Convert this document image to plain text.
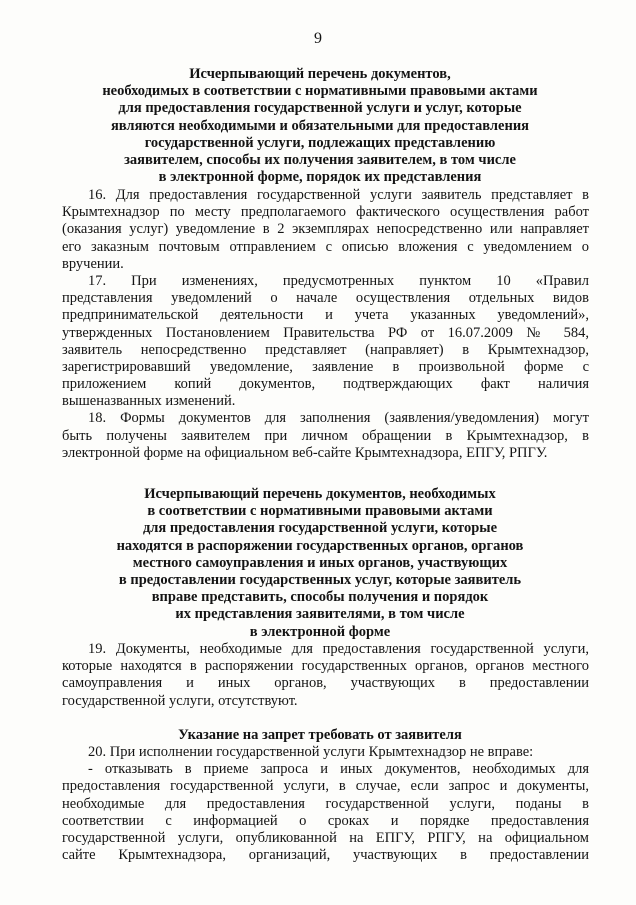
9
Исчерпывающий перечень документов,
необходимых в соответствии с нормативными правовыми актами
для предоставления государственной услуги и услуг, которые
являются необходимыми и обязательными для предоставления
государственной услуги, подлежащих представлению
заявителем, способы их получения заявителем, в том числе
в электронной форме, порядок их представления
16. Для предоставления государственной услуги заявитель представляет в
Крымтехнадзор по месту предполагаемого фактического осуществления работ
(оказания услуг) уведомление в 2 экземплярах непосредственно или направляет
его заказным почтовым отправлением с описью вложения с уведомлением о
вручении.
17. При изменениях, предусмотренных пунктом 10 «Правил
представления уведомлений о начале осуществления отдельных видов
предпринимательской деятельности и учета указанных уведомлений»,
утвержденных Постановлением Правительства РФ от 16.07.2009 № 584,
заявитель непосредственно представляет (направляет) в Крымтехнадзор,
зарегистрировавший уведомление, заявление в произвольной форме с
приложением копий документов, подтверждающих факт наличия
вышеназванных изменений.
18. Формы документов для заполнения (заявления/уведомления) могут
быть получены заявителем при личном обращении в Крымтехнадзор, в
электронной форме на официальном веб-сайте Крымтехнадзора, ЕПГУ, РПГУ.
Исчерпывающий перечень документов, необходимых
в соответствии с нормативными правовыми актами
для предоставления государственной услуги, которые
находятся в распоряжении государственных органов, органов
местного самоуправления и иных органов, участвующих
в предоставлении государственных услуг, которые заявитель
вправе представить, способы получения и порядок
их представления заявителями, в том числе
в электронной форме
19. Документы, необходимые для предоставления государственной услуги,
которые находятся в распоряжении государственных органов, органов местного
самоуправления и иных органов, участвующих в предоставлении
государственной услуги, отсутствуют.
Указание на запрет требовать от заявителя
20. При исполнении государственной услуги Крымтехнадзор не вправе:
- отказывать в приеме запроса и иных документов, необходимых для
предоставления государственной услуги, в случае, если запрос и документы,
необходимые для предоставления государственной услуги, поданы в
соответствии с информацией о сроках и порядке предоставления
государственной услуги, опубликованной на ЕПГУ, РПГУ, на официальном
сайте Крымтехнадзора, организаций, участвующих в предоставлении
